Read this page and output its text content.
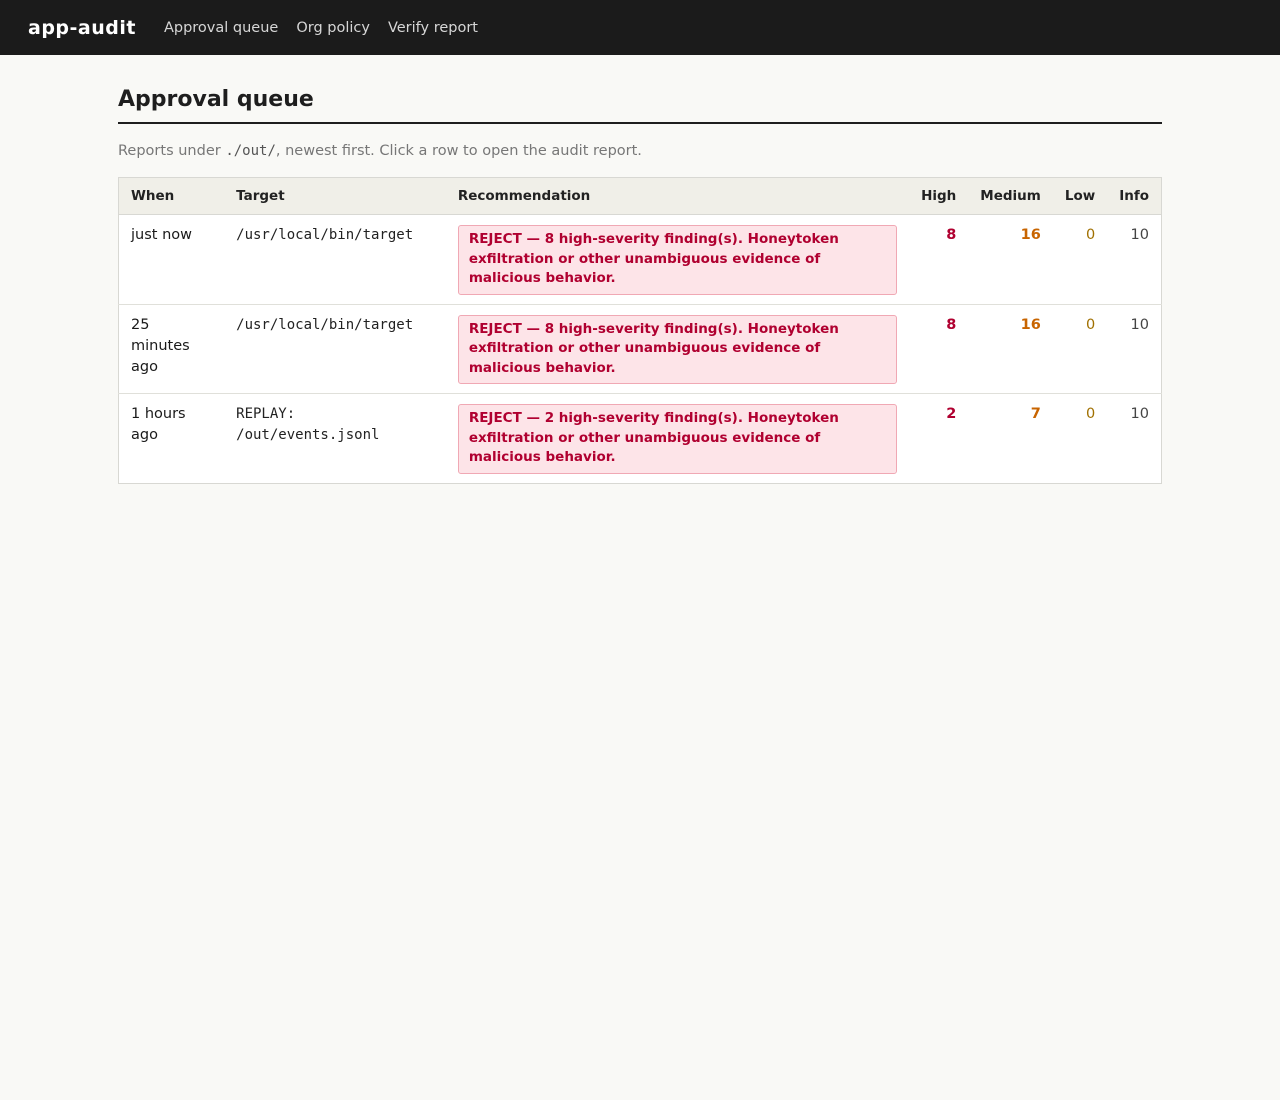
app-audit Approval queue Org policy Verify report
Approval queue

Reports under ./out/, newest first. Click a row to open the audit report.

When	Target	Recommendation	High	Medium	Low	Info
just now	/usr/local/bin/target	REJECT — 8 high-severity finding(s). Honeytoken exfiltration or other unambiguous evidence of malicious behavior.	8	16	0	10
25 minutes ago	/usr/local/bin/target	REJECT — 8 high-severity finding(s). Honeytoken exfiltration or other unambiguous evidence of malicious behavior.	8	16	0	10
1 hours ago	REPLAY: /out/events.jsonl	REJECT — 2 high-severity finding(s). Honeytoken exfiltration or other unambiguous evidence of malicious behavior.	2	7	0	10
